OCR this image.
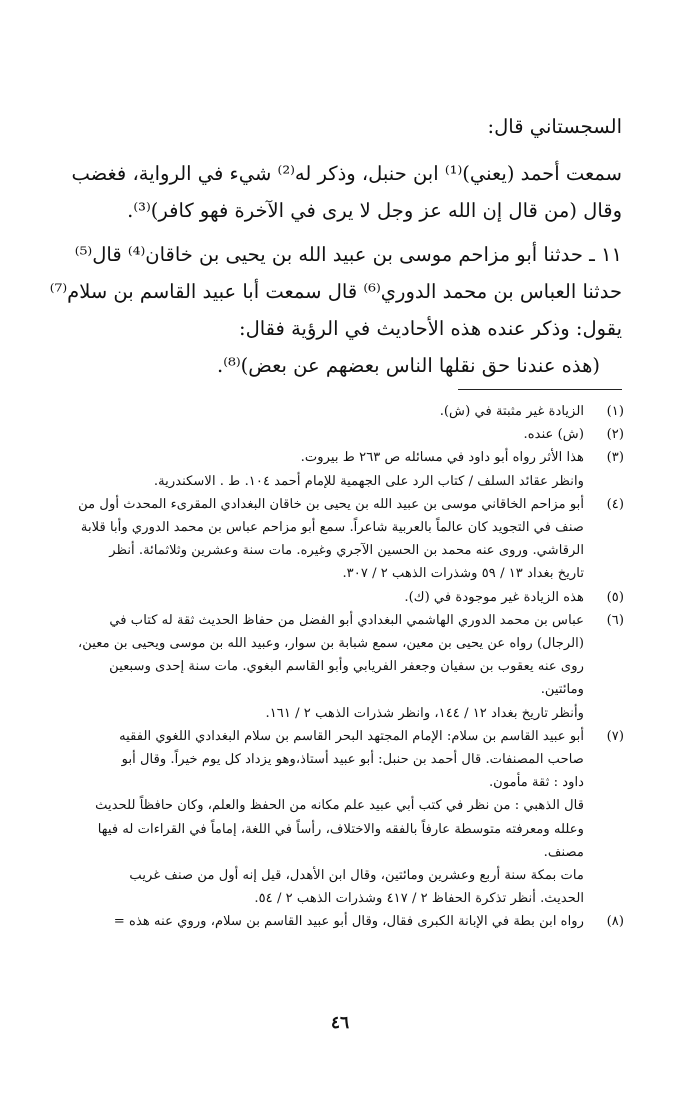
السجستاني قال:
سمعت أحمد (يعني)⁽¹⁾ ابن حنبل، وذكر له⁽²⁾ شيء في الرواية، فغضب
وقال (من قال إن الله عز وجل لا يرى في الآخرة فهو كافر)⁽³⁾.
١١ ـ حدثنا أبو مزاحم موسى بن عبيد الله بن يحيى بن خاقان⁽⁴⁾ قال⁽⁵⁾
حدثنا العباس بن محمد الدوري⁽⁶⁾ قال سمعت أبا عبيد القاسم بن سلام⁽⁷⁾
يقول: وذكر عنده هذه الأحاديث في الرؤية فقال:
(هذه عندنا حق نقلها الناس بعضهم عن بعض)⁽⁸⁾.
(١)
الزيادة غير مثبتة في (ش).
(٢)
(ش) عنده.
(٣)
هذا الأثر رواه أبو داود في مسائله ص ٢٦٣ ط بيروت.
وانظر عقائد السلف / كتاب الرد على الجهمية للإمام أحمد ١٠٤. ط . الاسكندرية.
(٤)
أبو مزاحم الخاقاني موسى بن عبيد الله بن يحيى بن خاقان البغدادي المقرىء المحدث أول من
صنف في التجويد كان عالماً بالعربية شاعراً. سمع أبو مزاحم عباس بن محمد الدوري وأبا قلابة
الرقاشي. وروى عنه محمد بن الحسين الآجري وغيره. مات سنة وعشرين وثلاثمائة. أنظر
تاريخ بغداد ١٣ / ٥٩ وشذرات الذهب ٢ / ٣٠٧.
(٥)
هذه الزيادة غير موجودة في (ك).
(٦)
عباس بن محمد الدوري الهاشمي البغدادي أبو الفضل من حفاظ الحديث ثقة له كتاب في
(الرجال) رواه عن يحيى بن معين، سمع شبابة بن سوار، وعبيد الله بن موسى ويحيى بن معين،
روى عنه يعقوب بن سفيان وجعفر الفريابي وأبو القاسم البغوي. مات سنة إحدى وسبعين
ومائتين.
وأنظر تاريخ بغداد ١٢ / ١٤٤، وانظر شذرات الذهب ٢ / ١٦١.
(٧)
أبو عبيد القاسم بن سلام: الإمام المجتهد البحر القاسم بن سلام البغدادي اللغوي الفقيه
صاحب المصنفات. قال أحمد بن حنبل: أبو عبيد أستاذ،وهو يزداد كل يوم خيراً. وقال أبو
داود : ثقة مأمون.
قال الذهبي : من نظر في كتب أبي عبيد علم مكانه من الحفظ والعلم، وكان حافظاً للحديث
وعلله ومعرفته متوسطة عارفاً بالفقه والاختلاف، رأساً في اللغة، إماماً في القراءات له فيها
مصنف.
مات بمكة سنة أربع وعشرين ومائتين، وقال ابن الأهدل، قيل إنه أول من صنف غريب
الحديث. أنظر تذكرة الحفاظ ٢ / ٤١٧ وشذرات الذهب ٢ / ٥٤.
(٨)
رواه ابن بطة في الإبانة الكبرى فقال، وقال أبو عبيد القاسم بن سلام، وروي عنه هذه =
٤٦
